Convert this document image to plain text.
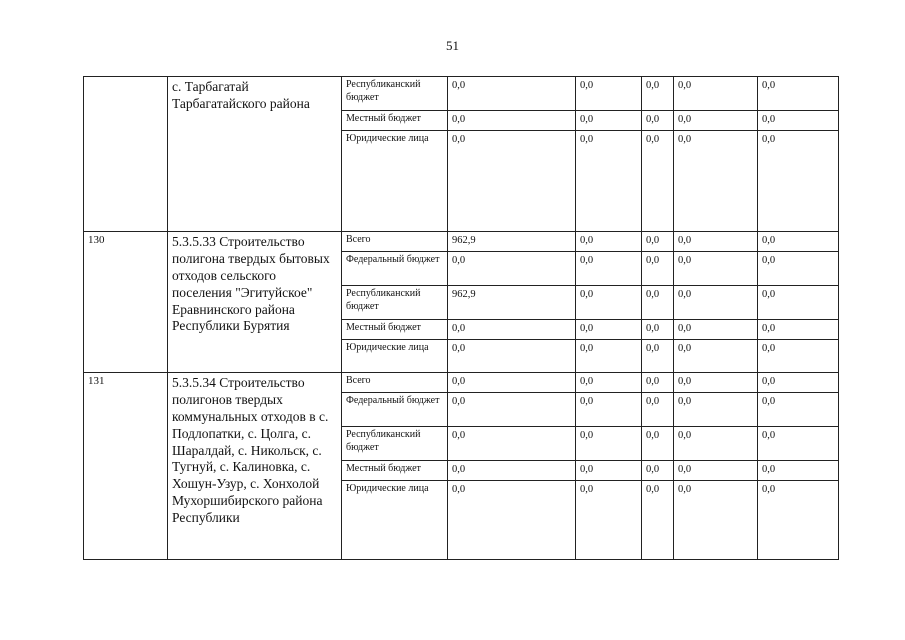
51
	с. Тарбагатай Тарбагатайского района	Республиканский бюджет	0,0	0,0	0,0	0,0	0,0
		Местный бюджет	0,0	0,0	0,0	0,0	0,0
		Юридические лица	0,0	0,0	0,0	0,0	0,0
130	5.3.5.33 Строительство полигона твердых бытовых отходов сельского поселения "Эгитуйское" Еравнинского района Республики Бурятия	Всего	962,9	0,0	0,0	0,0	0,0
		Федеральный бюджет	0,0	0,0	0,0	0,0	0,0
		Республиканский бюджет	962,9	0,0	0,0	0,0	0,0
		Местный бюджет	0,0	0,0	0,0	0,0	0,0
		Юридические лица	0,0	0,0	0,0	0,0	0,0
131	5.3.5.34 Строительство полигонов твердых коммунальных отходов в с. Подлопатки, с. Цолга, с. Шаралдай, с. Никольск, с. Тугнуй, с. Калиновка, с. Хошун-Узур, с. Хонхолой Мухоршибирского района Республики	Всего	0,0	0,0	0,0	0,0	0,0
		Федеральный бюджет	0,0	0,0	0,0	0,0	0,0
		Республиканский бюджет	0,0	0,0	0,0	0,0	0,0
		Местный бюджет	0,0	0,0	0,0	0,0	0,0
		Юридические лица	0,0	0,0	0,0	0,0	0,0
